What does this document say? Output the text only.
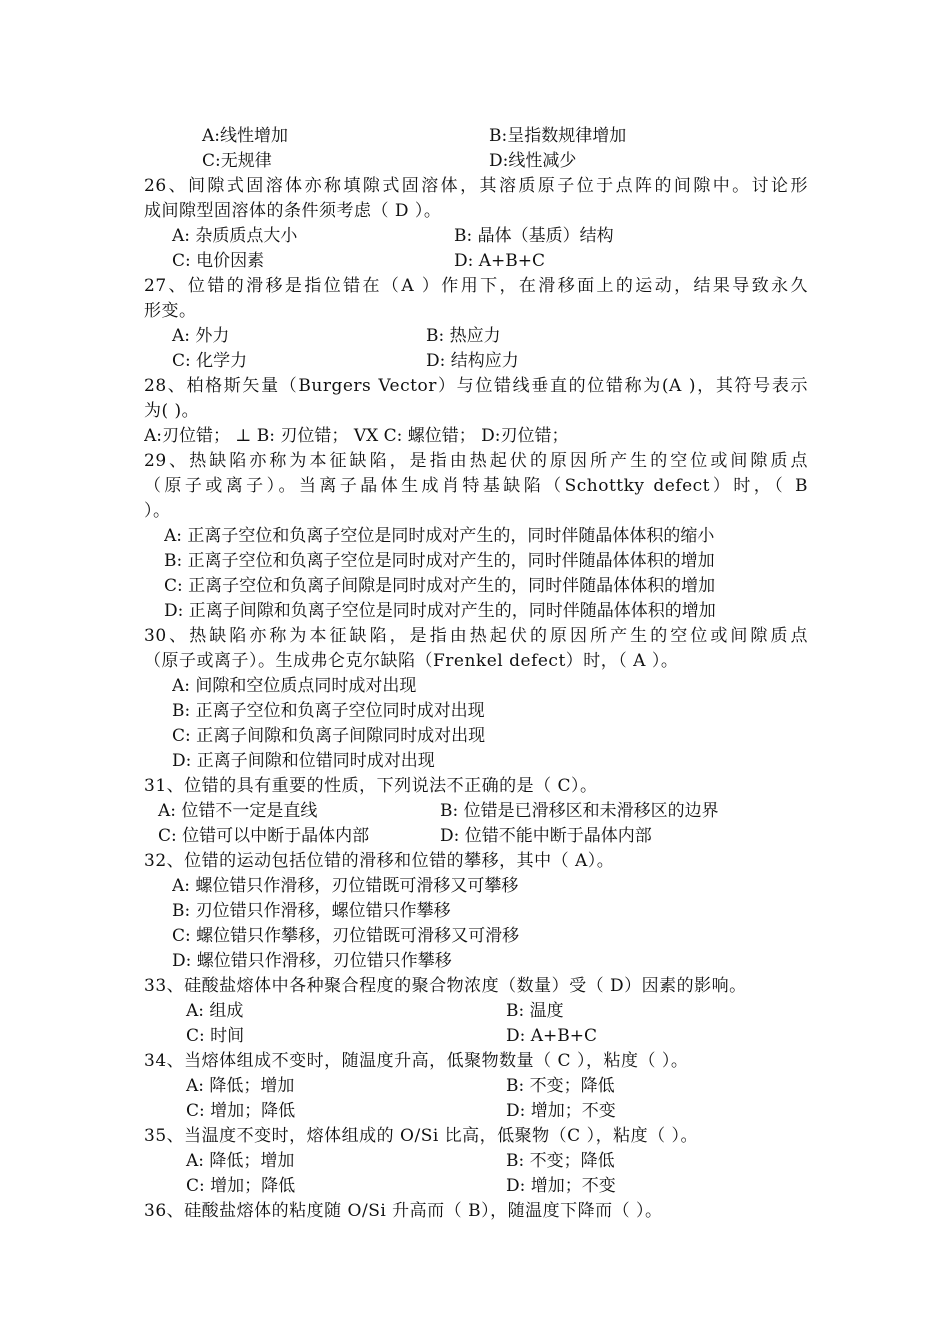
A:线性增加	B:呈指数规律增加
C:无规律	D:线性减少
26、间隙式固溶体亦称填隙式固溶体，其溶质原子位于点阵的间隙中。讨论形
成间隙型固溶体的条件须考虑（ D ）。
A: 杂质质点大小	B: 晶体（基质）结构
C: 电价因素	D: A+B+C
27、位错的滑移是指位错在（A ）作用下，在滑移面上的运动，结果导致永久
形变。
A: 外力	B: 热应力
C: 化学力	D: 结构应力
28、柏格斯矢量（Burgers Vector）与位错线垂直的位错称为(A )，其符号表示
为( )。
A:刃位错； ⊥ B: 刃位错； VX C: 螺位错； D:刃位错；
29、热缺陷亦称为本征缺陷，是指由热起伏的原因所产生的空位或间隙质点
（原子或离子）。当离子晶体生成肖特基缺陷（Schottky defect）时，（ B
）。
A: 正离子空位和负离子空位是同时成对产生的，同时伴随晶体体积的缩小
B: 正离子空位和负离子空位是同时成对产生的，同时伴随晶体体积的增加
C: 正离子空位和负离子间隙是同时成对产生的，同时伴随晶体体积的增加
D: 正离子间隙和负离子空位是同时成对产生的，同时伴随晶体体积的增加
30、热缺陷亦称为本征缺陷，是指由热起伏的原因所产生的空位或间隙质点
（原子或离子）。生成弗仑克尔缺陷（Frenkel defect）时，（ A ）。
A: 间隙和空位质点同时成对出现
B: 正离子空位和负离子空位同时成对出现
C: 正离子间隙和负离子间隙同时成对出现
D: 正离子间隙和位错同时成对出现
31、位错的具有重要的性质，下列说法不正确的是（ C）。
A: 位错不一定是直线	B: 位错是已滑移区和未滑移区的边界
C: 位错可以中断于晶体内部	D: 位错不能中断于晶体内部
32、位错的运动包括位错的滑移和位错的攀移，其中（ A）。
A: 螺位错只作滑移，刃位错既可滑移又可攀移
B: 刃位错只作滑移，螺位错只作攀移
C: 螺位错只作攀移，刃位错既可滑移又可滑移
D: 螺位错只作滑移，刃位错只作攀移
33、硅酸盐熔体中各种聚合程度的聚合物浓度（数量）受（ D）因素的影响。
A: 组成	B: 温度
C: 时间	D: A+B+C
34、当熔体组成不变时，随温度升高，低聚物数量（ C ），粘度（ ）。
A: 降低；增加	B: 不变；降低
C: 增加；降低	D: 增加；不变
35、当温度不变时，熔体组成的 O/Si 比高，低聚物（C ），粘度（ ）。
A: 降低；增加	B: 不变；降低
C: 增加；降低	D: 增加；不变
36、硅酸盐熔体的粘度随 O/Si 升高而（ B），随温度下降而（ ）。
